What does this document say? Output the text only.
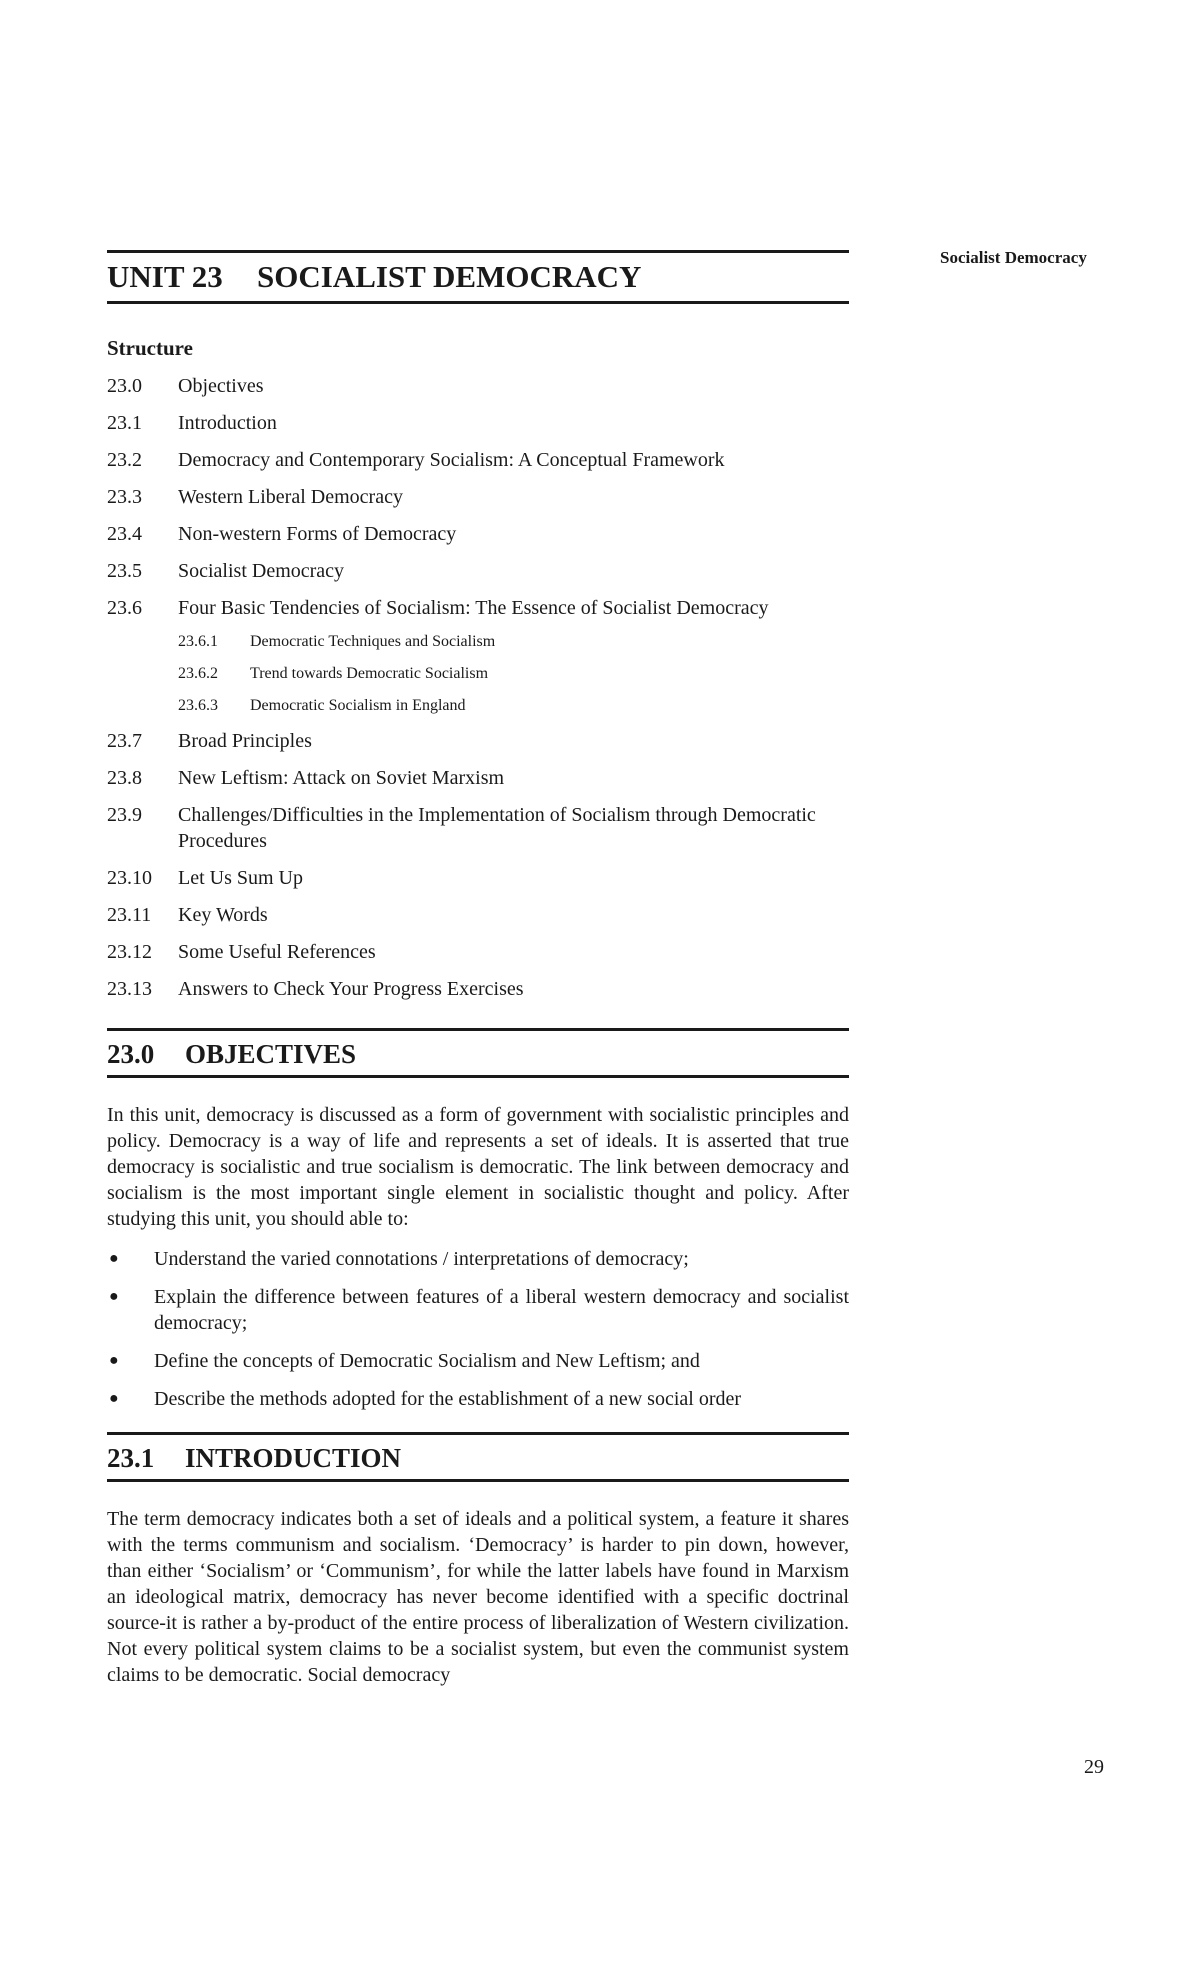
Socialist Democracy
29
UNIT 23 SOCIALIST DEMOCRACY
Structure
23.0	Objectives
23.1	Introduction
23.2	Democracy and Contemporary Socialism: A Conceptual Framework
23.3	Western Liberal Democracy
23.4	Non-western Forms of Democracy
23.5	Socialist Democracy
23.6	Four Basic Tendencies of Socialism: The Essence of Socialist Democracy
23.6.1	Democratic Techniques and Socialism
23.6.2	Trend towards Democratic Socialism
23.6.3	Democratic Socialism in England
23.7	Broad Principles
23.8	New Leftism: Attack on Soviet Marxism
23.9	Challenges/Difficulties in the Implementation of Socialism through Democratic Procedures
23.10	Let Us Sum Up
23.11	Key Words
23.12	Some Useful References
23.13	Answers to Check Your Progress Exercises
23.0 OBJECTIVES

In this unit, democracy is discussed as a form of government with socialistic principles and policy. Democracy is a way of life and represents a set of ideals. It is asserted that true democracy is socialistic and true socialism is democratic. The link between democracy and socialism is the most important single element in socialistic thought and policy. After studying this unit, you should able to:

●	Understand the varied connotations / interpretations of democracy;
●	Explain the difference between features of a liberal western democracy and socialist democracy;
●	Define the concepts of Democratic Socialism and New Leftism; and
●	Describe the methods adopted for the establishment of a new social order
23.1 INTRODUCTION

The term democracy indicates both a set of ideals and a political system, a feature it shares with the terms communism and socialism. ‘Democracy’ is harder to pin down, however, than either ‘Socialism’ or ‘Communism’, for while the latter labels have found in Marxism an ideological matrix, democracy has never become identified with a specific doctrinal source-it is rather a by-product of the entire process of liberalization of Western civilization. Not every political system claims to be a socialist system, but even the communist system claims to be democratic. Social democracy
